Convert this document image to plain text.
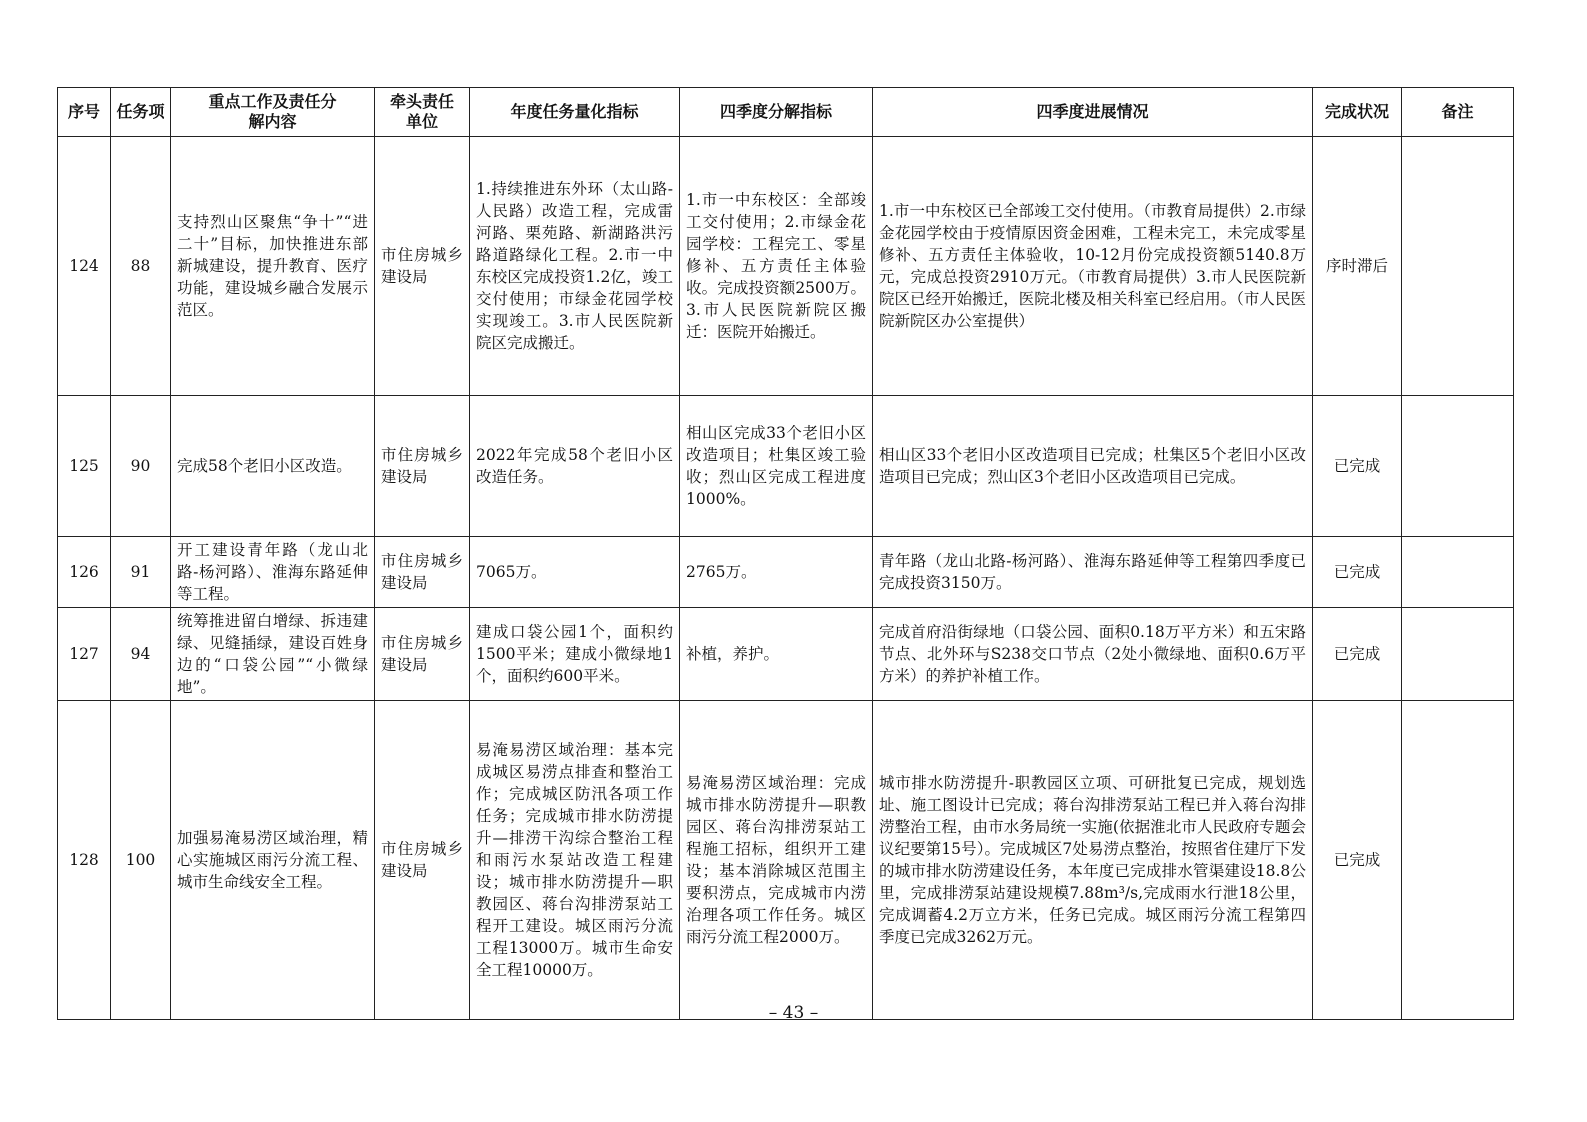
序号	任务项	重点工作及责任分解内容	牵头责任单位	年度任务量化指标	四季度分解指标	四季度进展情况	完成状况	备注
124	88	支持烈山区聚焦“争十”“进二十”目标，加快推进东部新城建设，提升教育、医疗功能，建设城乡融合发展示范区。	市住房城乡建设局	1.持续推进东外环（太山路-人民路）改造工程，完成雷河路、栗苑路、新湖路洪污路道路绿化工程。2.市一中东校区完成投资1.2亿，竣工交付使用；市绿金花园学校实现竣工。3.市人民医院新院区完成搬迁。	1.市一中东校区：全部竣工交付使用；2.市绿金花园学校：工程完工、零星修补、五方责任主体验收。完成投资额2500万。3.市人民医院新院区搬迁：医院开始搬迁。	1.市一中东校区已全部竣工交付使用。（市教育局提供）2.市绿金花园学校由于疫情原因资金困难，工程未完工，未完成零星修补、五方责任主体验收，10-12月份完成投资额5140.8万元，完成总投资2910万元。（市教育局提供）3.市人民医院新院区已经开始搬迁，医院北楼及相关科室已经启用。（市人民医院新院区办公室提供）	序时滞后	
125	90	完成58个老旧小区改造。	市住房城乡建设局	2022年完成58个老旧小区改造任务。	相山区完成33个老旧小区改造项目；杜集区竣工验收；烈山区完成工程进度1000%。	相山区33个老旧小区改造项目已完成；杜集区5个老旧小区改造项目已完成；烈山区3个老旧小区改造项目已完成。	已完成	
126	91	开工建设青年路（龙山北路-杨河路）、淮海东路延伸等工程。	市住房城乡建设局	7065万。	2765万。	青年路（龙山北路-杨河路）、淮海东路延伸等工程第四季度已完成投资3150万。	已完成	
127	94	统筹推进留白增绿、拆违建绿、见缝插绿，建设百姓身边的“口袋公园”“小微绿地”。	市住房城乡建设局	建成口袋公园1个，面积约1500平米；建成小微绿地1个，面积约600平米。	补植，养护。	完成首府沿街绿地（口袋公园、面积0.18万平方米）和五宋路节点、北外环与S238交口节点（2处小微绿地、面积0.6万平方米）的养护补植工作。	已完成	
128	100	加强易淹易涝区域治理，精心实施城区雨污分流工程、城市生命线安全工程。	市住房城乡建设局	易淹易涝区域治理：基本完成城区易涝点排查和整治工作；完成城区防汛各项工作任务；完成城市排水防涝提升—排涝干沟综合整治工程和雨污水泵站改造工程建设；城市排水防涝提升—职教园区、蒋台沟排涝泵站工程开工建设。城区雨污分流工程13000万。城市生命安全工程10000万。	易淹易涝区域治理：完成城市排水防涝提升—职教园区、蒋台沟排涝泵站工程施工招标，组织开工建设；基本消除城区范围主要积涝点，完成城市内涝治理各项工作任务。城区雨污分流工程2000万。	城市排水防涝提升-职教园区立项、可研批复已完成，规划选址、施工图设计已完成；蒋台沟排涝泵站工程已并入蒋台沟排涝整治工程，由市水务局统一实施(依据淮北市人民政府专题会议纪要第15号）。完成城区7处易涝点整治，按照省住建厅下发的城市排水防涝建设任务，本年度已完成排水管渠建设18.8公里，完成排涝泵站建设规模7.88m³/s,完成雨水行泄18公里，完成调蓄4.2万立方米，任务已完成。城区雨污分流工程第四季度已完成3262万元。	已完成	
– 43 –
